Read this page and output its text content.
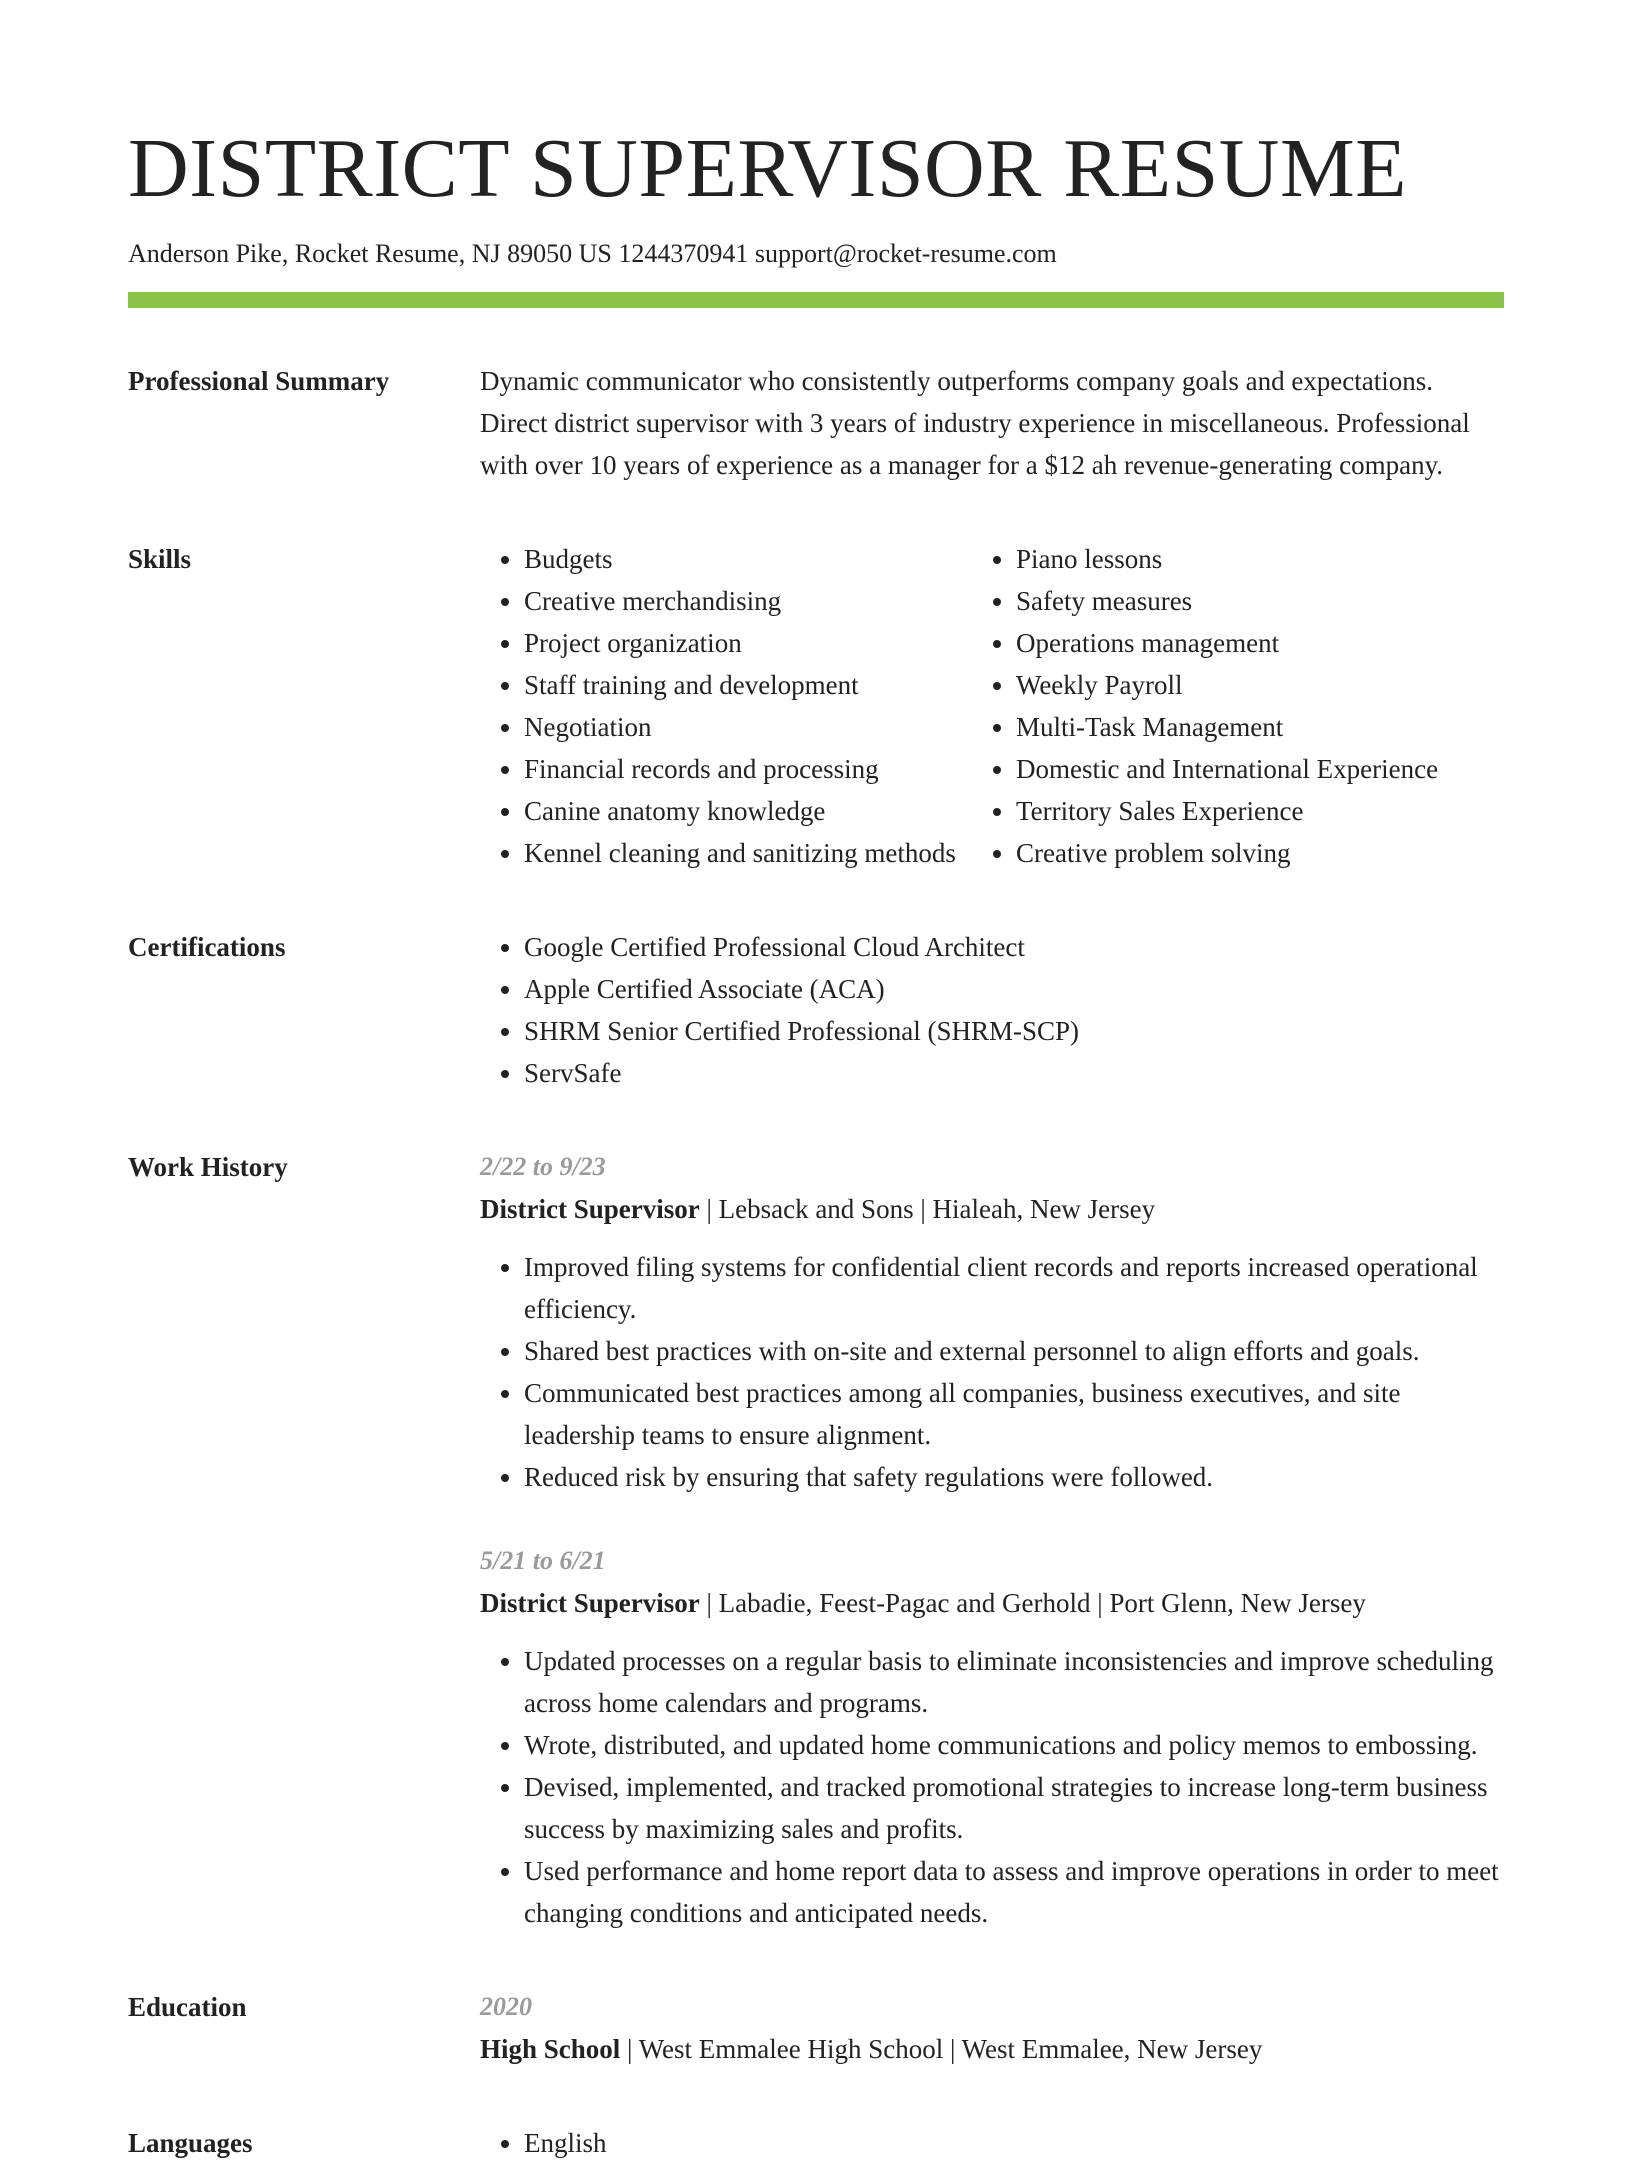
DISTRICT SUPERVISOR RESUME
Anderson Pike, Rocket Resume, NJ 89050 US 1244370941 support@rocket-resume.com
Professional Summary	Dynamic communicator who consistently outperforms company goals and expectations. Direct district supervisor with 3 years of industry experience in miscellaneous. Professional with over 10 years of experience as a manager for a $12 ah revenue-generating company.
Skills	• Budgets
• Creative merchandising
• Project organization
• Staff training and development
• Negotiation
• Financial records and processing
• Canine anatomy knowledge
• Kennel cleaning and sanitizing methods
• Piano lessons
• Safety measures
• Operations management
• Weekly Payroll
• Multi-Task Management
• Domestic and International Experience
• Territory Sales Experience
• Creative problem solving
Certifications	• Google Certified Professional Cloud Architect
• Apple Certified Associate (ACA)
• SHRM Senior Certified Professional (SHRM-SCP)
• ServSafe
Work History	2/22 to 9/23
District Supervisor | Lebsack and Sons | Hialeah, New Jersey
• Improved filing systems for confidential client records and reports increased operational efficiency.
• Shared best practices with on-site and external personnel to align efforts and goals.
• Communicated best practices among all companies, business executives, and site leadership teams to ensure alignment.
• Reduced risk by ensuring that safety regulations were followed.
5/21 to 6/21
District Supervisor | Labadie, Feest-Pagac and Gerhold | Port Glenn, New Jersey
• Updated processes on a regular basis to eliminate inconsistencies and improve scheduling across home calendars and programs.
• Wrote, distributed, and updated home communications and policy memos to embossing.
• Devised, implemented, and tracked promotional strategies to increase long-term business success by maximizing sales and profits.
• Used performance and home report data to assess and improve operations in order to meet changing conditions and anticipated needs.
Education	2020
High School | West Emmalee High School | West Emmalee, New Jersey
Languages	• English
